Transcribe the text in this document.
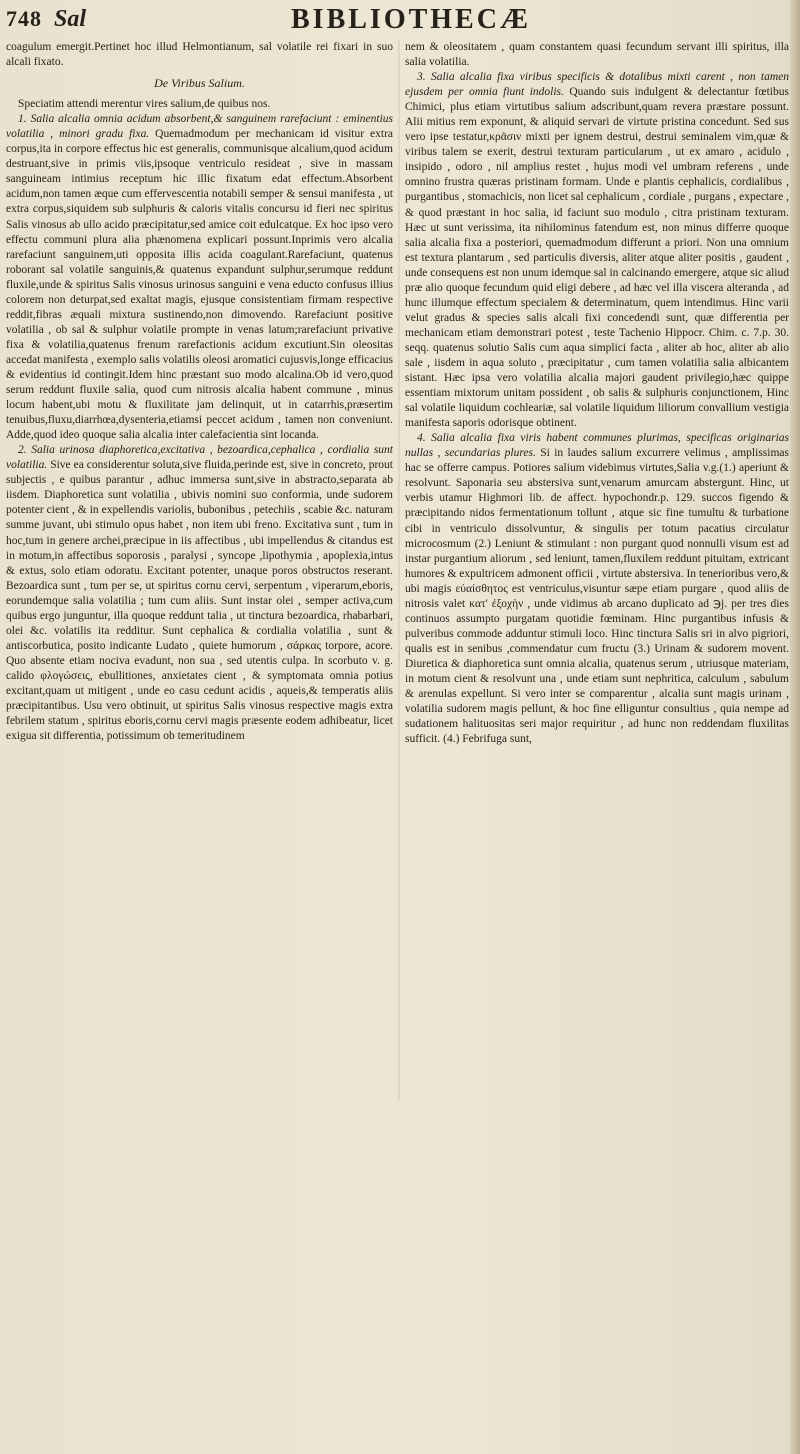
748 Sal	BIBLIOTHECÆ

coagulum emergit.Pertinet hoc illud Helmontianum, sal volatile rei fixari in suo alcali fixato.

De Viribus Salium.

Speciatim attendi merentur vires salium,de quibus nos.

1. Salia alcalia omnia acidum absorbent,& sanguinem rarefaciunt : eminentius volatilia , minori gradu fixa. Quemadmodum per mechanicam id visitur extra corpus,ita in corpore effectus hic est generalis, communisque alcalium,quod acidum destruant,sive in primis viis,ipsoque ventriculo resideat , sive in massam sanguineam intimius receptum hic illic fixatum edat effectum.Absorbent acidum,non tamen æque cum effervescentia notabili semper & sensui manifesta , ut extra corpus,siquidem sub sulphuris & caloris vitalis concursu id fieri nec spiritus Salis vinosus ab ullo acido præcipitatur,sed amice coit edulcatque. Ex hoc ipso vero effectu communi plura alia phænomena explicari possunt.Inprimis vero alcalia rarefaciunt sanguinem,uti opposita illis acida coagulant.Rarefaciunt, quatenus roborant sal volatile sanguinis,& quatenus expandunt sulphur,serumque reddunt fluxile,unde & spiritus Salis vinosus urinosus sanguini e vena educto confusus illius colorem non deturpat,sed exaltat magis, ejusque consistentiam firmam respective reddit,fibras æquali mixtura sustinendo,non dimovendo. Rarefaciunt positive volatilia , ob sal & sulphur volatile prompte in venas latum;rarefaciunt privative fixa & volatilia,quatenus frenum rarefactionis acidum excutiunt.Sin oleositas accedat manifesta , exemplo salis volatilis oleosi aromatici cujusvis,longe efficacius & evidentius id contingit.Idem hinc præstant suo modo alcalina.Ob id vero,quod serum reddunt fluxile salia, quod cum nitrosis alcalia habent commune , minus locum habent,ubi motu & fluxilitate jam delinquit, ut in catarrhis,præsertim tenuibus,fluxu,diarrhœa,dysenteria,etiamsi peccet acidum , tamen non conveniunt. Adde,quod ideo quoque salia alcalia inter calefacientia sint locanda.

2. Salia urinosa diaphoretica,excitativa , bezoardica,cephalica , cordialia sunt volatilia. Sive ea considerentur soluta,sive fluida,perinde est, sive in concreto, prout subjectis , e quibus parantur , adhuc immersa sunt,sive in abstracto,separata ab iisdem. Diaphoretica sunt volatilia , ubivis nomini suo conformia, unde sudorem potenter cient , & in expellendis variolis, bubonibus , petechiis , scabie &c. naturam summe juvant, ubi stimulo opus habet , non item ubi freno. Excitativa sunt , tum in hoc,tum in genere archei,præcipue in iis affectibus , ubi impellendus & citandus est in motum,in affectibus soporosis , paralysi , syncope ,lipothymia , apoplexia,intus & extus, solo etiam odoratu. Excitant potenter, unaque poros obstructos reserant. Bezoardica sunt , tum per se, ut spiritus cornu cervi, serpentum , viperarum,eboris, eorundemque salia volatilia ; tum cum aliis. Sunt instar olei , semper activa,cum quibus ergo junguntur, illa quoque reddunt talia , ut tinctura bezoardica, rhabarbari, olei &c. volatilis ita redditur. Sunt cephalica & cordialia volatilia , sunt & antiscorbutica, posito indicante Ludato , quiete humorum , σάρκας torpore, acore. Quo absente etiam nociva evadunt, non sua , sed utentis culpa. In scorbuto v. g. calido φλογώσεις, ebullitiones, anxietates cient , & symptomata omnia potius excitant,quam ut mitigent , unde eo casu cedunt acidis , aqueis,& temperatis aliis præcipitantibus. Usu vero obtinuit, ut spiritus Salis vinosus respective magis extra febrilem statum , spiritus eboris,cornu cervi magis præsente eodem adhibeatur, licet exigua sit differentia, potissimum ob temeritudinem

nem & oleositatem , quam constantem quasi fecundum servant illi spiritus, illa salia volatilia.

3. Salia alcalia fixa viribus specificis & dotalibus mixti carent , non tamen ejusdem per omnia fiunt indolis. Quando suis indulgent & delectantur fœtibus Chimici, plus etiam virtutibus salium adscribunt,quam revera præstare possunt. Alii mitius rem exponunt, & aliquid servari de virtute pristina concedunt. Sed sus vero ipse testatur,κρᾶσιν mixti per ignem destrui, destrui seminalem vim,quæ & viribus talem se exerit, destrui texturam particularum , ut ex amaro , acidulo , insipido , odoro , nil amplius restet , hujus modi vel umbram referens , unde omnino frustra quæras pristinam formam. Unde e plantis cephalicis, cordialibus , purgantibus , stomachicis, non licet sal cephalicum , cordiale , purgans , expectare , & quod præstant in hoc salia, id faciunt suo modulo , citra pristinam texturam. Hæc ut sunt verissima, ita nihilominus fatendum est, non minus differre quoque salia alcalia fixa a posteriori, quemadmodum differunt a priori. Non una omnium est textura plantarum , sed particulis diversis, aliter atque aliter positis , gaudent , unde consequens est non unum idemque sal in calcinando emergere, atque sic aliud præ alio quoque fecundum quid eligi debere , ad hæc vel illa viscera alteranda , ad hunc illumque effectum specialem & determinatum, quem intendimus. Hinc varii velut gradus & species salis alcali fixi concedendi sunt, quæ differentia per mechanicam etiam demonstrari potest , teste Tachenio Hippocr. Chim. c. 7.p. 30. seqq. quatenus solutio Salis cum aqua simplici facta , aliter ab hoc, aliter ab alio sale , iisdem in aqua soluto , præcipitatur , cum tamen volatilia salia albicantem sistant. Hæc ipsa vero volatilia alcalia majori gaudent privilegio,hæc quippe essentiam mixtorum unitam possident , ob salis & sulphuris conjunctionem, Hinc sal volatile liquidum cochleariæ, sal volatile liquidum liliorum convallium vestigia manifesta saporis odorisque obtinent.

4. Salia alcalia fixa viris habent communes plurimas, specificas originarias nullas , secundarias plures. Si in laudes salium excurrere velimus , amplissimas hac se offerre campus. Potiores salium videbimus virtutes,Salia v.g.(1.) aperiunt & resolvunt. Saponaria seu abstersiva sunt,venarum amurcam abstergunt. Hinc, ut verbis utamur Highmori lib. de affect. hypochondr.p. 129. succos figendo & præcipitando nidos fermentationum tollunt , atque sic fine tumultu & turbatione cibi in ventriculo dissolvuntur, & singulis per totum pacatius circulatur microcosmum (2.) Leniunt & stimulant : non purgant quod nonnulli visum est ad instar purgantium aliorum , sed leniunt, tamen,fluxilem reddunt pituitam, extricant humores & expultricem admonent officii , virtute abstersiva. In tenerioribus vero,& ubi magis εὐαίσθητος est ventriculus,visuntur sæpe etiam purgare , quod aliis de nitrosis valet κατ' ἐξοχὴν , unde vidimus ab arcano duplicato ad ℈j. per tres dies continuos assumpto purgatam quotidie fœminam. Hinc purgantibus infusis & pulveribus commode adduntur stimuli loco. Hinc tinctura Salis sri in alvo pigriori, qualis est in senibus ,commendatur cum fructu (3.) Urinam & sudorem movent. Diuretica & diaphoretica sunt omnia alcalia, quatenus serum , utriusque materiam, in motum cient & resolvunt una , unde etiam sunt nephritica, calculum , sabulum & arenulas expellunt. Si vero inter se comparentur , alcalia sunt magis urinam , volatilia sudorem magis pellunt, & hoc fine elliguntur consultius , quia nempe ad sudationem halituositas seri major requiritur , ad hunc non reddendam fluxilitas sufficit. (4.) Febrifuga sunt,
